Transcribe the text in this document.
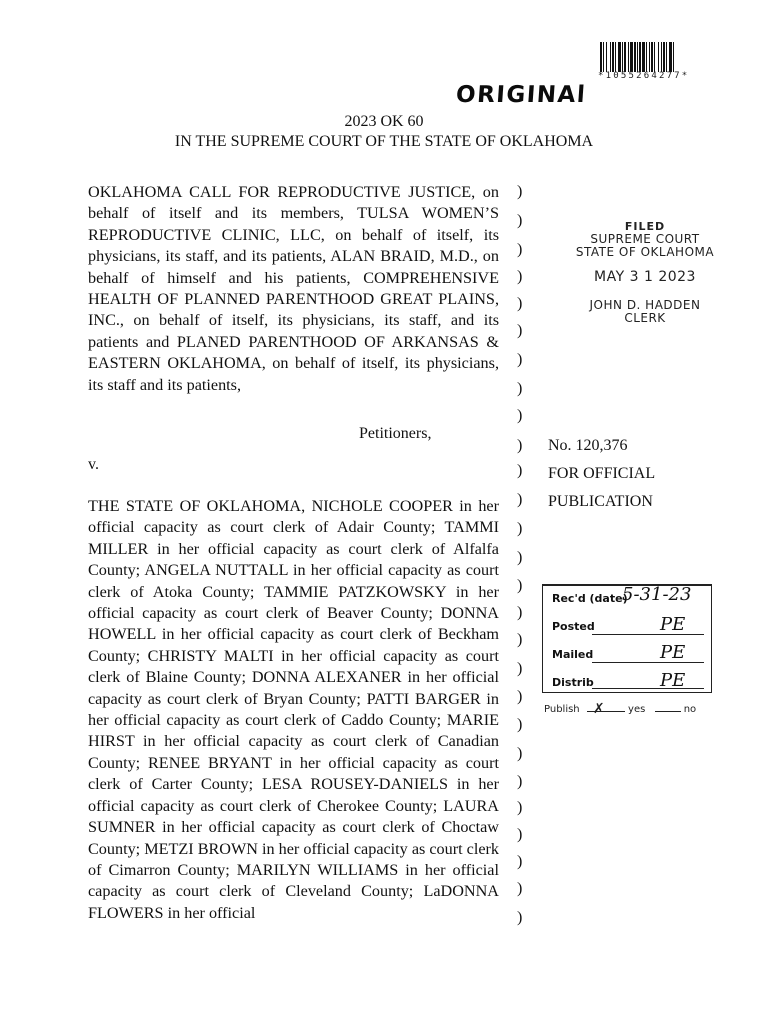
*1055264277*
ORIGINAl
2023 OK 60
IN THE SUPREME COURT OF THE STATE OF OKLAHOMA

OKLAHOMA CALL FOR REPRODUCTIVE JUSTICE, on behalf of itself and its members, TULSA WOMEN’S REPRODUCTIVE CLINIC, LLC, on behalf of itself, its physicians, its staff, and its patients, ALAN BRAID, M.D., on behalf of himself and his patients, COMPREHENSIVE HEALTH OF PLANNED PARENTHOOD GREAT PLAINS, INC., on behalf of itself, its physicians, its staff, and its patients and PLANED PARENTHOOD OF ARKANSAS & EASTERN OKLAHOMA, on behalf of itself, its physicians, its staff and its patients,

Petitioners,
v.

THE STATE OF OKLAHOMA, NICHOLE COOPER in her official capacity as court clerk of Adair County; TAMMI MILLER in her official capacity as court clerk of Alfalfa County; ANGELA NUTTALL in her official capacity as court clerk of Atoka County; TAMMIE PATZKOWSKY in her official capacity as court clerk of Beaver County; DONNA HOWELL in her official capacity as court clerk of Beckham County; CHRISTY MALTI in her official capacity as court clerk of Blaine County; DONNA ALEXANER in her official capacity as court clerk of Bryan County; PATTI BARGER in her official capacity as court clerk of Caddo County; MARIE HIRST in her official capacity as court clerk of Canadian County; RENEE BRYANT in her official capacity as court clerk of Carter County; LESA ROUSEY-DANIELS in her official capacity as court clerk of Cherokee County; LAURA SUMNER in her official capacity as court clerk of Choctaw County; METZI BROWN in her official capacity as court clerk of Cimarron County; MARILYN WILLIAMS in her official capacity as court clerk of Cleveland County; LaDONNA FLOWERS in her official

)
)
)
)
)
)
)
)
)
)
)
)
)
)
)
)
)
)
)
)
)
)
)
)
)
)
)
FILED
SUPREME COURT
STATE OF OKLAHOMA
MAY 3 1 2023
JOHN D. HADDEN
CLERK
No. 120,376
FOR OFFICIAL
PUBLICATION
Rec'd (date)
5-31-23
Posted	PE
Mailed	PE
Distrib	PE
Publish ✗ yes	no
